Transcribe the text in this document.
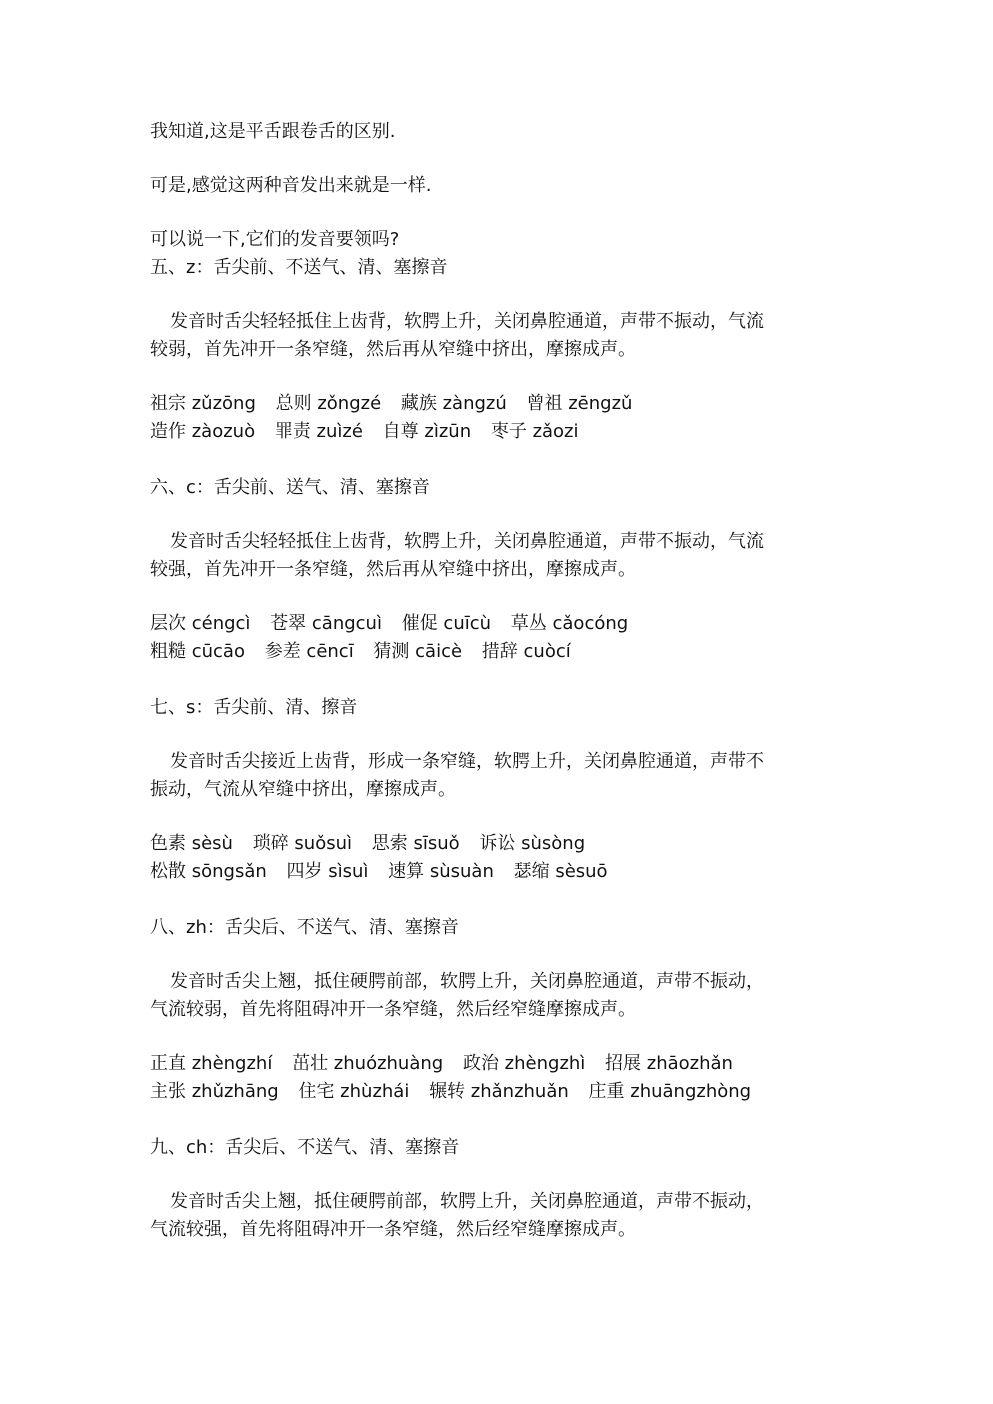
我知道,这是平舌跟卷舌的区别.
可是,感觉这两种音发出来就是一样.
可以说一下,它们的发音要领吗?
五、z：舌尖前、不送气、清、塞擦音
发音时舌尖轻轻抵住上齿背，软腭上升，关闭鼻腔通道，声带不振动，气流
较弱，首先冲开一条窄缝，然后再从窄缝中挤出，摩擦成声。
祖宗 zǔzōng 总则 zǒngzé 藏族 zàngzú 曾祖 zēngzǔ
造作 zàozuò 罪责 zuìzé 自尊 zìzūn 枣子 zǎozi
六、c：舌尖前、送气、清、塞擦音
发音时舌尖轻轻抵住上齿背，软腭上升，关闭鼻腔通道，声带不振动，气流
较强，首先冲开一条窄缝，然后再从窄缝中挤出，摩擦成声。
层次 céngcì 苍翠 cāngcuì 催促 cuīcù 草丛 cǎocóng
粗糙 cūcāo 参差 cēncī 猜测 cāicè 措辞 cuòcí
七、s：舌尖前、清、擦音
发音时舌尖接近上齿背，形成一条窄缝，软腭上升，关闭鼻腔通道，声带不
振动，气流从窄缝中挤出，摩擦成声。
色素 sèsù 琐碎 suǒsuì 思索 sīsuǒ 诉讼 sùsòng
松散 sōngsǎn 四岁 sìsuì 速算 sùsuàn 瑟缩 sèsuō
八、zh：舌尖后、不送气、清、塞擦音
发音时舌尖上翘，抵住硬腭前部，软腭上升，关闭鼻腔通道，声带不振动，
气流较弱，首先将阻碍冲开一条窄缝，然后经窄缝摩擦成声。
正直 zhèngzhí 茁壮 zhuózhuàng 政治 zhèngzhì 招展 zhāozhǎn
主张 zhǔzhāng 住宅 zhùzhái 辗转 zhǎnzhuǎn 庄重 zhuāngzhòng
九、ch：舌尖后、不送气、清、塞擦音
发音时舌尖上翘，抵住硬腭前部，软腭上升，关闭鼻腔通道，声带不振动，
气流较强，首先将阻碍冲开一条窄缝，然后经窄缝摩擦成声。
